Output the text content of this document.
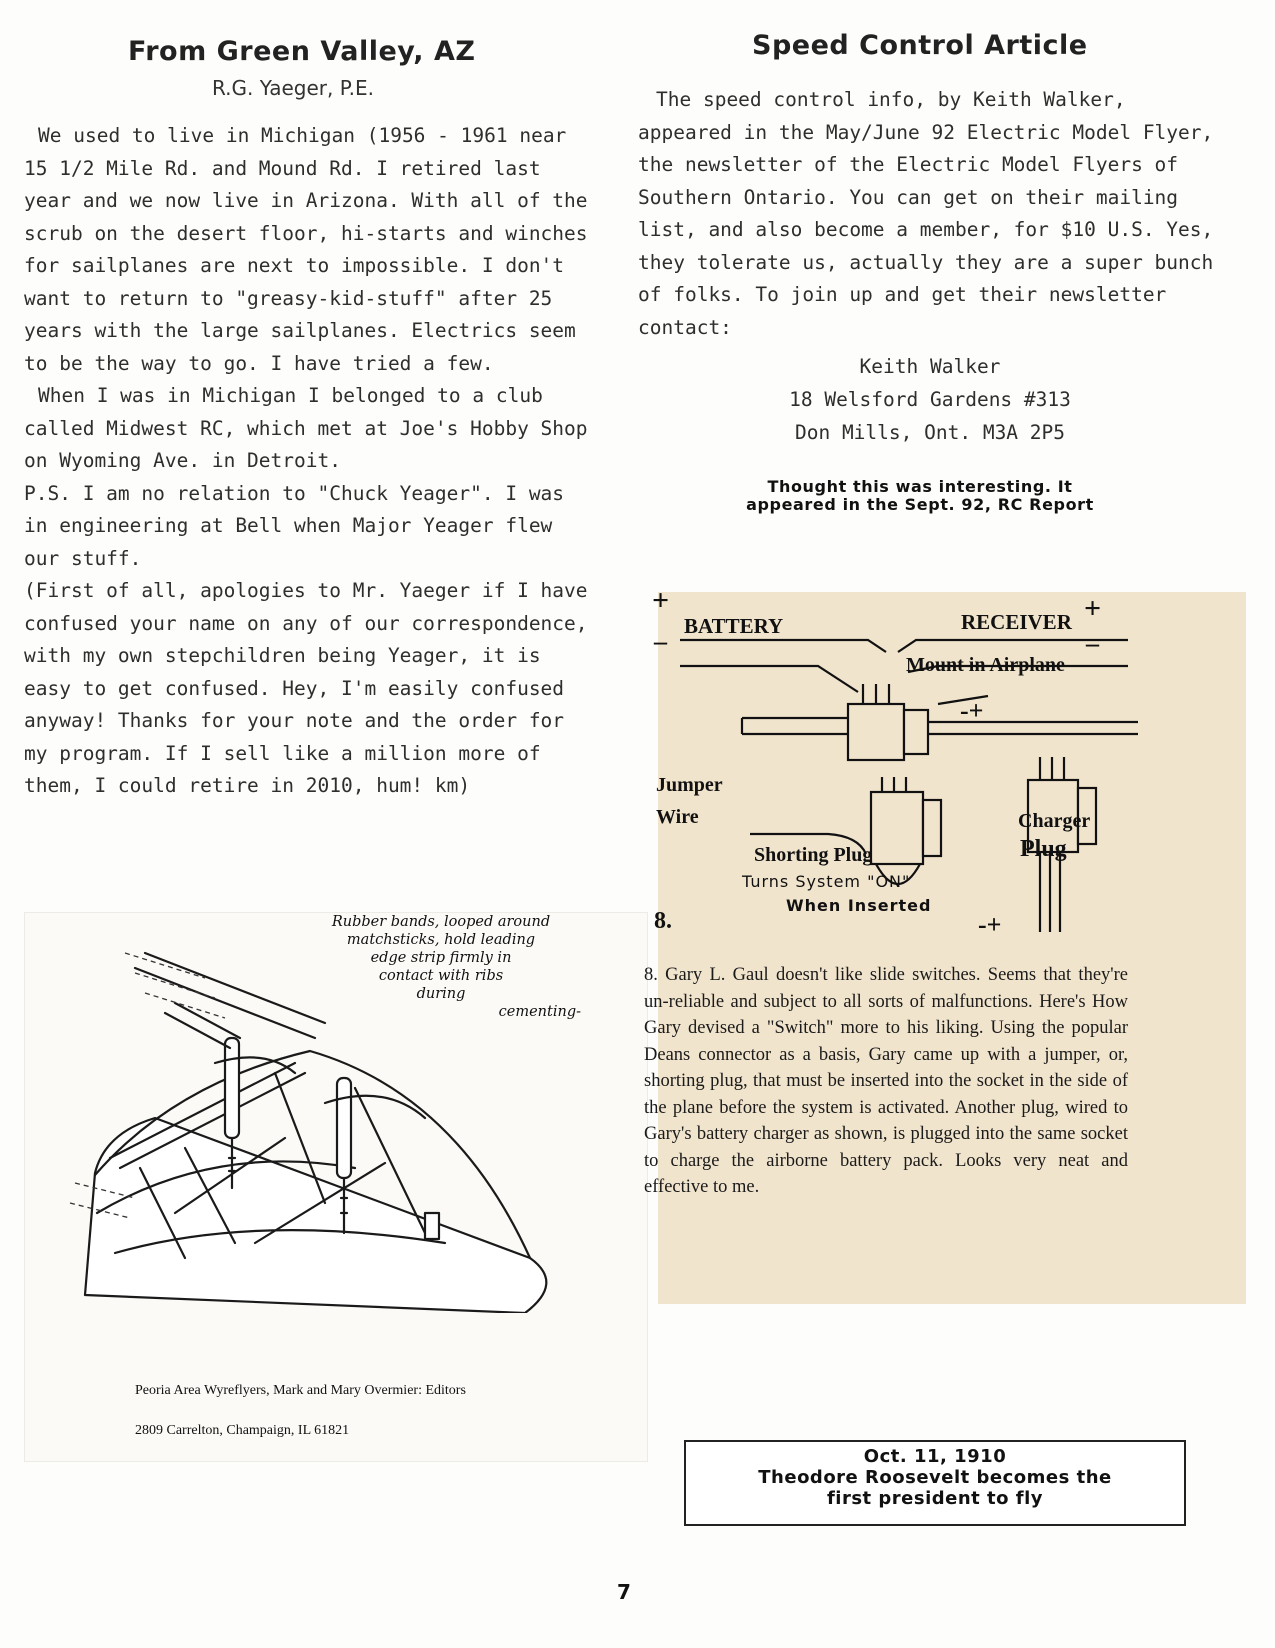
From Green Valley, AZ
R.G. Yaeger, P.E.

We used to live in Michigan (1956 - 1961 near 15 1/2 Mile Rd. and Mound Rd. I retired last year and we now live in Arizona. With all of the scrub on the desert floor, hi-starts and winches for sailplanes are next to impossible. I don't want to return to "greasy-kid-stuff" after 25 years with the large sailplanes. Electrics seem to be the way to go. I have tried a few.

When I was in Michigan I belonged to a club called Midwest RC, which met at Joe's Hobby Shop on Wyoming Ave. in Detroit.

P.S. I am no relation to "Chuck Yeager". I was in engineering at Bell when Major Yeager flew our stuff.

(First of all, apologies to Mr. Yaeger if I have confused your name on any of our correspondence, with my own stepchildren being Yeager, it is easy to get confused. Hey, I'm easily confused anyway! Thanks for your note and the order for my program. If I sell like a million more of them, I could retire in 2010, hum! km)

Rubber bands, looped around
matchsticks, hold leading
edge strip firmly in
contact with ribs
during
cementing-
Peoria Area Wyreflyers, Mark and Mary Overmier: Editors
2809 Carrelton, Champaign, IL 61821
Speed Control Article
The speed control info, by Keith Walker, appeared in the May/June 92 Electric Model Flyer, the newsletter of the Electric Model Flyers of Southern Ontario. You can get on their mailing list, and also become a member, for $10 U.S. Yes, they tolerate us, actually they are a super bunch of folks. To join up and get their newsletter contact:
Keith Walker
18 Welsford Gardens #313
Don Mills, Ont. M3A 2P5
Thought this was interesting. It
appeared in the Sept. 92, RC Report
+
_ BATTERY	RECEIVER +
_
Mount in Airplane
-+
Jumper
Wire	Charger
Plug
Shorting Plug
Turns System "ON"
When Inserted
8.	-+
8. Gary L. Gaul doesn't like slide switches. Seems that they're un-reliable and subject to all sorts of malfunctions. Here's How Gary devised a "Switch" more to his liking. Using the popular Deans connector as a basis, Gary came up with a jumper, or, shorting plug, that must be inserted into the socket in the side of the plane before the system is activated. Another plug, wired to Gary's battery charger as shown, is plugged into the same socket to charge the airborne battery pack. Looks very neat and effective to me.
Oct. 11, 1910
Theodore Roosevelt becomes the
first president to fly
7
